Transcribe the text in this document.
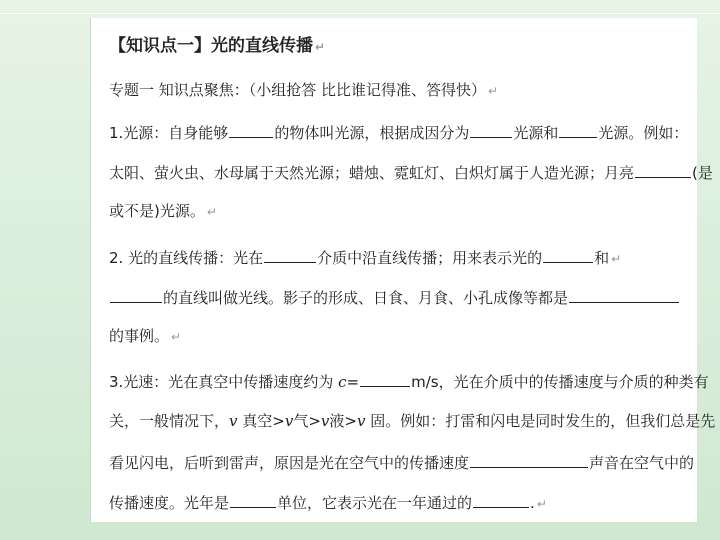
【知识点一】光的直线传播 ↵
专题一 知识点聚焦：（小组抢答 比比谁记得准、答得快） ↵
1.光源：自身能够	的物体叫光源，根据成因分为	光源和	光源。例如：
太阳、萤火虫、水母属于天然光源；蜡烛、霓虹灯、白炽灯属于人造光源；月亮	(是
或不是)光源。 ↵
2. 光的直线传播：光在	介质中沿直线传播；用来表示光的	和 ↵
的直线叫做光线。影子的形成、日食、月食、小孔成像等都是
的事例。 ↵
3.光速：光在真空中传播速度约为 c=	m/s，光在介质中的传播速度与介质的种类有
关，一般情况下，v 真空>v气>v液>v 固。例如：打雷和闪电是同时发生的，但我们总是先
看见闪电，后听到雷声，原因是光在空气中的传播速度	声音在空气中的
传播速度。光年是	单位，它表示光在一年通过的	. ↵
